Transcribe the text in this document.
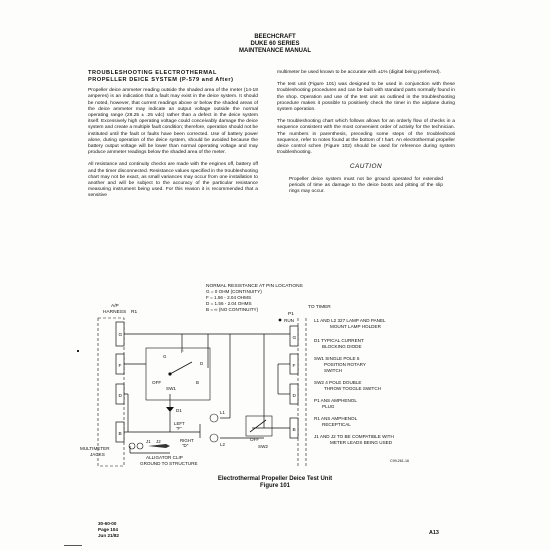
BEECHCRAFT
DUKE 60 SERIES
MAINTENANCE MANUAL
TROUBLESHOOTING ELECTROTHERMAL
PROPELLER DEICE SYSTEM (P-579 and After)

Propeller deice ammeter reading outside the shaded area of the meter (14-18 amperes) is an indication that a fault may exist in the deice system. It should be noted, however, that current readings above or below the shaded areas of the deice ammeter may indicate an output voltage outside the normal operating range (28.25 ± .25 vdc) rather than a defect in the deice system itself. Excessively high operating voltage could conceivably damage the deice system and create a multiple fault condition; therefore, operation should not be instituted until the fault or faults have been corrected. Use of battery power alone, during operation of the deice system, should be avoided because the battery output voltage will be lower than normal operating voltage and may produce ammeter readings below the shaded area of the meter.

All resistance and continuity checks are made with the engines off, battery off and the timer disconnected. Resistance values specified in the troubleshooting chart may not be exact, as small variances may occur from one installation to another and will be subject to the accuracy of the particular resistance measuring instrument being used. For this reason it is recommended that a sensitive

multimeter be used known to be accurate with ±1% (digital being preferred).

The test unit (Figure 101) was designed to be used in conjunction with these troubleshooting procedures and can be built with standard parts normally found in the shop. Operation and use of the test unit as outlined in the troubleshooting procedure makes it possible to positively check the timer in the airplane during system operation.

The troubleshooting chart which follows allows for an orderly flow of checks in a sequence consistent with the most convenient order of activity for the technician. The numbers in parenthesis, preceding some steps of the troubleshooti sequence, refer to notes found at the bottom of t hart. An electrothermal propeller deice control schen (Figure 102) should be used for reference during system troubleshooting.

CAUTION
Propeller deice system must not be ground operated for extended periods of time as damage to the deice boots and pitting of the slip rings may occur.
NORMAL RESISTANCE AT PIN LOCATIONS
G = 0 OHM (CONTINUITY)
F = 1.56 - 2.04 OHMS
D = 1.56 - 2.04 OHMS
B = ∞ (NO CONTINUITY)
A/P
HARNESS R1	P1
TO TIMER
G
F
D
B
G
F
D
B
RUN
G
F
D
B
OFF
SW1
D1	L1
L2
LEFT
"F"
RIGHT
"D"
OFF
SW2
J1 J2
MULTIMETER
JACKS
ALLIGATOR CLIP
GROUND TO STRUCTURE
L1 AND L2 327 LAMP AND PANEL
MOUNT LAMP HOLDER
D1 TYPICAL CURRENT
BLOCKING DIODE
SW1 SINGLE POLE 5
POSITION ROTARY
SWITCH
SW2 4 POLE DOUBLE
THROW TOGGLE SWITCH
P1 ANS AMPHENOL
PLUG
R1 ANS AMPHENOL
RECEPTICAL
J1 AND J2 TO BE COMPATIBLE WITH
METER LEADS BEING USED
C99-261-16
Electrothermal Propeller Deice Test Unit
Figure 101
30-60-00
Page 104
Jun 21/82	A13
